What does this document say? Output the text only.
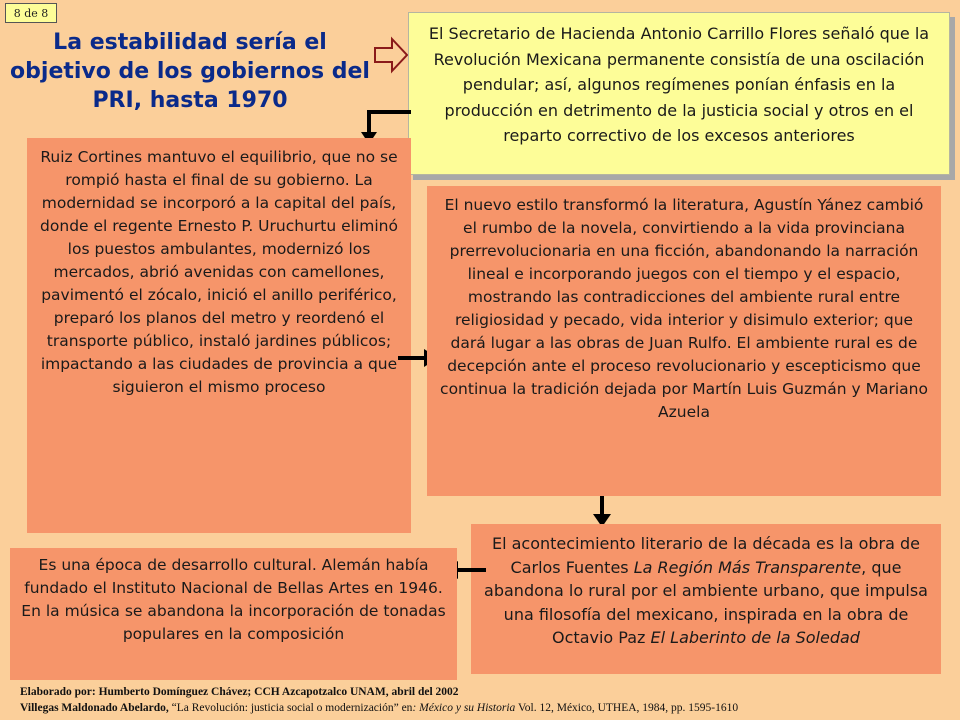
8 de 8
La estabilidad sería el objetivo de los gobiernos del PRI, hasta 1970
El Secretario de Hacienda Antonio Carrillo Flores señaló que la Revolución Mexicana permanente consistía de una oscilación pendular; así, algunos regímenes ponían énfasis en la producción en detrimento de la justicia social y otros en el reparto correctivo de los excesos anteriores
Ruiz Cortines mantuvo el equilibrio, que no se rompió hasta el final de su gobierno. La modernidad se incorporó a la capital del país, donde el regente Ernesto P. Uruchurtu eliminó los puestos ambulantes, modernizó los mercados, abrió avenidas con camellones, pavimentó el zócalo, inició el anillo periférico, preparó los planos del metro y reordenó el transporte público, instaló jardines públicos; impactando a las ciudades de provincia a que siguieron el mismo proceso
El nuevo estilo transformó la literatura, Agustín Yánez cambió el rumbo de la novela, convirtiendo a la vida provinciana prerrevolucionaria en una ficción, abandonando la narración lineal e incorporando juegos con el tiempo y el espacio, mostrando las contradicciones del ambiente rural entre religiosidad y pecado, vida interior y disimulo exterior; que dará lugar a las obras de Juan Rulfo. El ambiente rural es de decepción ante el proceso revolucionario y escepticismo que continua la tradición dejada por Martín Luis Guzmán y Mariano Azuela
El acontecimiento literario de la década es la obra de Carlos Fuentes La Región Más Transparente, que abandona lo rural por el ambiente urbano, que impulsa una filosofía del mexicano, inspirada en la obra de Octavio Paz El Laberinto de la Soledad
Es una época de desarrollo cultural. Alemán había fundado el Instituto Nacional de Bellas Artes en 1946. En la música se abandona la incorporación de tonadas populares en la composición
Elaborado por: Humberto Domínguez Chávez; CCH Azcapotzalco UNAM, abril del 2002
Villegas Maldonado Abelardo, “La Revolución: justicia social o modernización” en: México y su Historia Vol. 12, México, UTHEA, 1984, pp. 1595-1610
